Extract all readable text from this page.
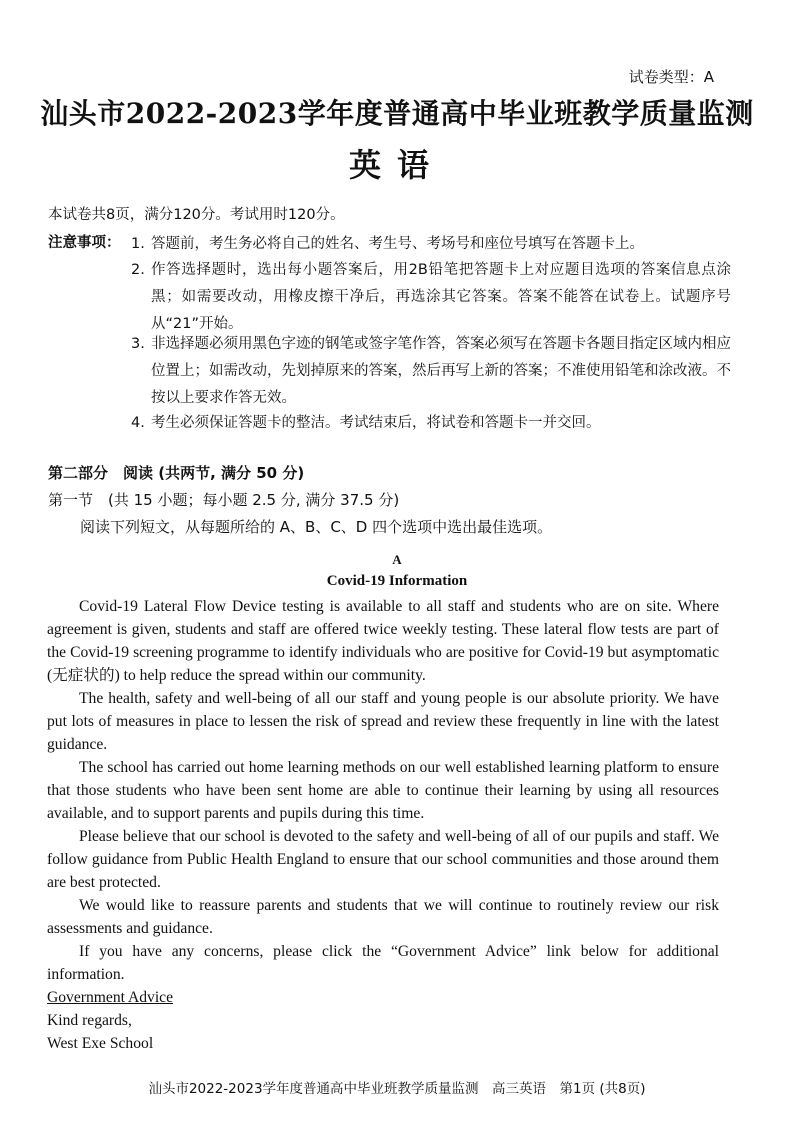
试卷类型：A
汕头市2022-2023学年度普通高中毕业班教学质量监测
英语
本试卷共8页，满分120分。考试用时120分。
注意事项： 1. 答题前，考生务必将自己的姓名、考生号、考场号和座位号填写在答题卡上。
2. 作答选择题时，选出每小题答案后，用2B铅笔把答题卡上对应题目选项的答案信息点涂黑；如需要改动，用橡皮擦干净后，再选涂其它答案。答案不能答在试卷上。试题序号从“21”开始。
3. 非选择题必须用黑色字迹的钢笔或签字笔作答，答案必须写在答题卡各题目指定区域内相应位置上；如需改动，先划掉原来的答案，然后再写上新的答案；不准使用铅笔和涂改液。不按以上要求作答无效。
4. 考生必须保证答题卡的整洁。考试结束后，将试卷和答题卡一并交回。
第二部分　阅读 (共两节, 满分 50 分)
第一节　(共 15 小题；每小题 2.5 分, 满分 37.5 分)
阅读下列短文，从每题所给的 A、B、C、D 四个选项中选出最佳选项。
A
Covid-19 Information

Covid-19 Lateral Flow Device testing is available to all staff and students who are on site. Where agreement is given, students and staff are offered twice weekly testing. These lateral flow tests are part of the Covid-19 screening programme to identify individuals who are positive for Covid-19 but asymptomatic (无症状的) to help reduce the spread within our community.

The health, safety and well-being of all our staff and young people is our absolute priority. We have put lots of measures in place to lessen the risk of spread and review these frequently in line with the latest guidance.

The school has carried out home learning methods on our well established learning platform to ensure that those students who have been sent home are able to continue their learning by using all resources available, and to support parents and pupils during this time.

Please believe that our school is devoted to the safety and well-being of all of our pupils and staff. We follow guidance from Public Health England to ensure that our school communities and those around them are best protected.

We would like to reassure parents and students that we will continue to routinely review our risk assessments and guidance.

If you have any concerns, please click the “Government Advice” link below for additional information.

Government Advice

Kind regards,

West Exe School

汕头市2022-2023学年度普通高中毕业班教学质量监测　高三英语　第1页 (共8页)
